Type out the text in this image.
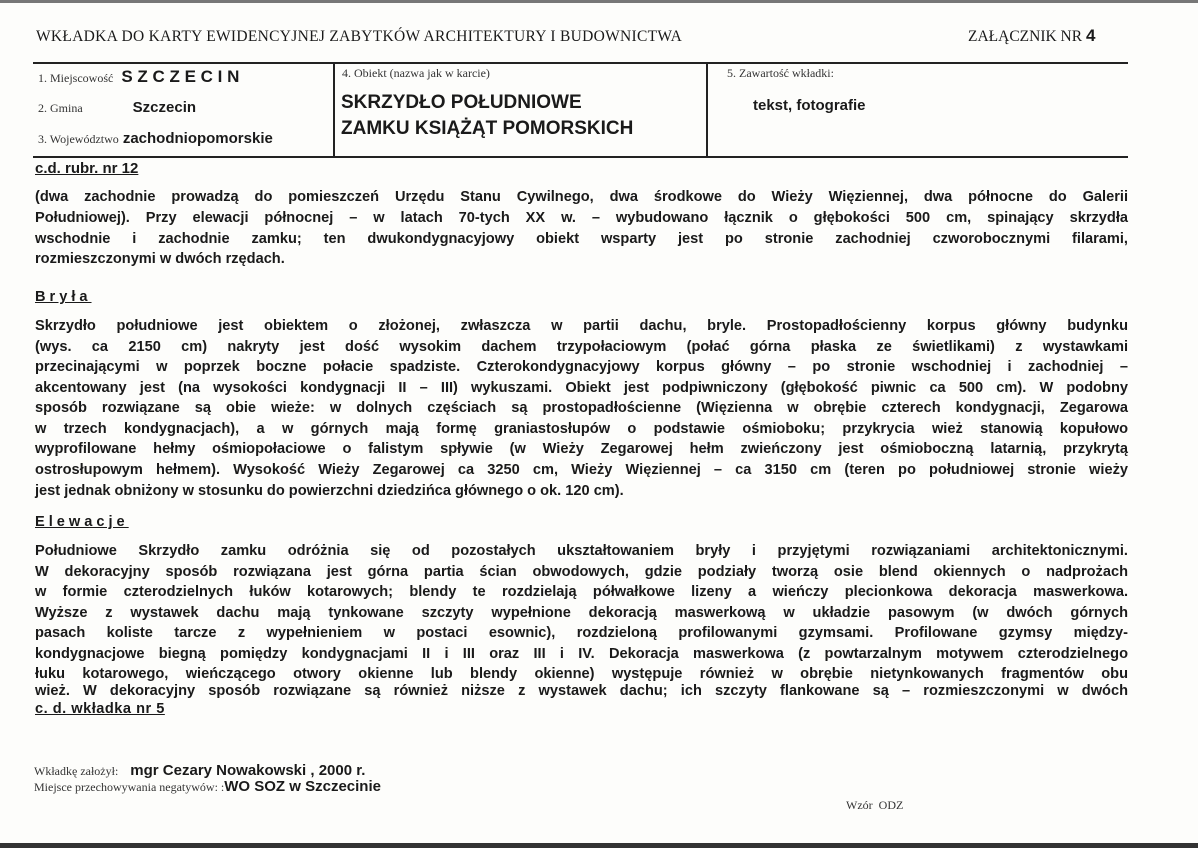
WKŁADKA DO KARTY EWIDENCYJNEJ ZABYTKÓW ARCHITEKTURY I BUDOWNICTWA	ZAŁĄCZNIK NR 4
1. Miejscowość S Z C Z E C I N
2. Gmina	Szczecin
3. Województwo zachodniopomorskie
4. Obiekt (nazwa jak w karcie)
SKRZYDŁO POŁUDNIOWE
ZAMKU KSIĄŻĄT POMORSKICH
5. Zawartość wkładki:
tekst, fotografie
c.d. rubr. nr 12
(dwa zachodnie prowadzą do pomieszczeń Urzędu Stanu Cywilnego, dwa środkowe do Wieży Więziennej, dwa północne do Galerii
Południowej). Przy elewacji północnej – w latach 70-tych XX w. – wybudowano łącznik o głębokości 500 cm, spinający skrzydła
wschodnie i zachodnie zamku; ten dwukondygnacyjowy obiekt wsparty jest po stronie zachodniej czworobocznymi filarami,
rozmieszczonymi w dwóch rzędach.
Bryła
Skrzydło południowe jest obiektem o złożonej, zwłaszcza w partii dachu, bryle. Prostopadłościenny korpus główny budynku
(wys. ca 2150 cm) nakryty jest dość wysokim dachem trzypołaciowym (połać górna płaska ze świetlikami) z wystawkami
przecinającymi w poprzek boczne połacie spadziste. Czterokondygnacyjowy korpus główny – po stronie wschodniej i zachodniej –
akcentowany jest (na wysokości kondygnacji II – III) wykuszami. Obiekt jest podpiwniczony (głębokość piwnic ca 500 cm). W podobny
sposób rozwiązane są obie wieże: w dolnych częściach są prostopadłościenne (Więzienna w obrębie czterech kondygnacji, Zegarowa
w trzech kondygnacjach), a w górnych mają formę graniastosłupów o podstawie ośmioboku; przykrycia wież stanowią kopułowo
wyprofilowane hełmy ośmiopołaciowe o falistym spływie (w Wieży Zegarowej hełm zwieńczony jest ośmioboczną latarnią, przykrytą
ostrosłupowym hełmem). Wysokość Wieży Zegarowej ca 3250 cm, Wieży Więziennej – ca 3150 cm (teren po południowej stronie wieży
jest jednak obniżony w stosunku do powierzchni dziedzińca głównego o ok. 120 cm).
Elewacje
Południowe Skrzydło zamku odróżnia się od pozostałych ukształtowaniem bryły i przyjętymi rozwiązaniami architektonicznymi.
W dekoracyjny sposób rozwiązana jest górna partia ścian obwodowych, gdzie podziały tworzą osie blend okiennych o nadprożach
w formie czterodzielnych łuków kotarowych; blendy te rozdzielają półwałkowe lizeny a wieńczy plecionkowa dekoracja maswerkowa.
Wyższe z wystawek dachu mają tynkowane szczyty wypełnione dekoracją maswerkową w układzie pasowym (w dwóch górnych
pasach koliste tarcze z wypełnieniem w postaci esownic), rozdzieloną profilowanymi gzymsami. Profilowane gzymsy między-
kondygnacjowe biegną pomiędzy kondygnacjami II i III oraz III i IV. Dekoracja maswerkowa (z powtarzalnym motywem czterodzielnego
łuku kotarowego, wieńczącego otwory okienne lub blendy okienne) występuje również w obrębie nietynkowanych fragmentów obu
wież. W dekoracyjny sposób rozwiązane są również niższe z wystawek dachu; ich szczyty flankowane są – rozmieszczonymi w dwóch
c. d. wkładka nr 5
Wkładkę założył: mgr Cezary Nowakowski , 2000 r.
Miejsce przechowywania negatywów: :WO SOZ w Szczecinie
Wzór  ODZ
